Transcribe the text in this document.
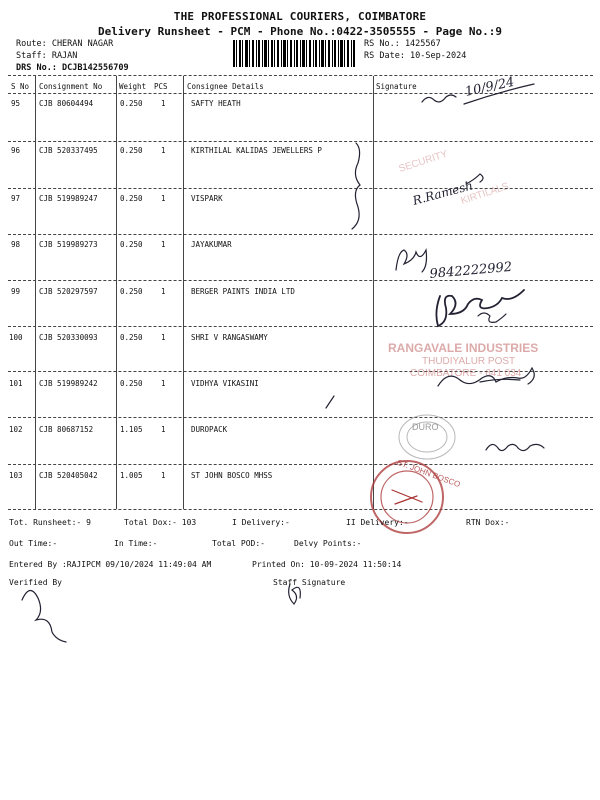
THE PROFESSIONAL COURIERS, COIMBATORE
Delivery Runsheet - PCM - Phone No.:0422-3505555 - Page No.:9
Route: CHERAN NAGAR
Staff: RAJAN
DRS No.: DCJB142556709
RS No.: 1425567
RS Date: 10-Sep-2024
S No Consignment No Weight PCS	Consignee Details	Signature
95	CJB 80604494	0.250 1	SAFTY HEATH
96	CJB 520337495	0.250 1	KIRTHILAL KALIDAS JEWELLERS P
97	CJB 519989247	0.250 1	VISPARK
98	CJB 519989273	0.250 1	JAYAKUMAR
99	CJB 520297597	0.250 1	BERGER PAINTS INDIA LTD
100 CJB 520330093	0.250 1	SHRI V RANGASWAMY
101 CJB 519989242	0.250 1	VIDHYA VIKASINI
102 CJB 80687152	1.105 1	DUROPACK
103 CJB 520405042	1.005 1	ST JOHN BOSCO MHSS
10/9/24
SECURITY
KIRTILALS
R.Ramesh
9842222992
RANGAVALE INDUSTRIES
THUDIYALUR POST
COIMBATORE - 641 034
DURO
ST. JOHN BOSCO
Tot. Runsheet:- 9	Total Dox:- 103	I Delivery:-	II Delivery:-	RTN Dox:-
Out Time:-	In Time:-	Total POD:-	Delvy Points:-
Entered By :RAJIPCM 09/10/2024 11:49:04 AM	Printed On: 10-09-2024 11:50:14
Verified By	Staff Signature
